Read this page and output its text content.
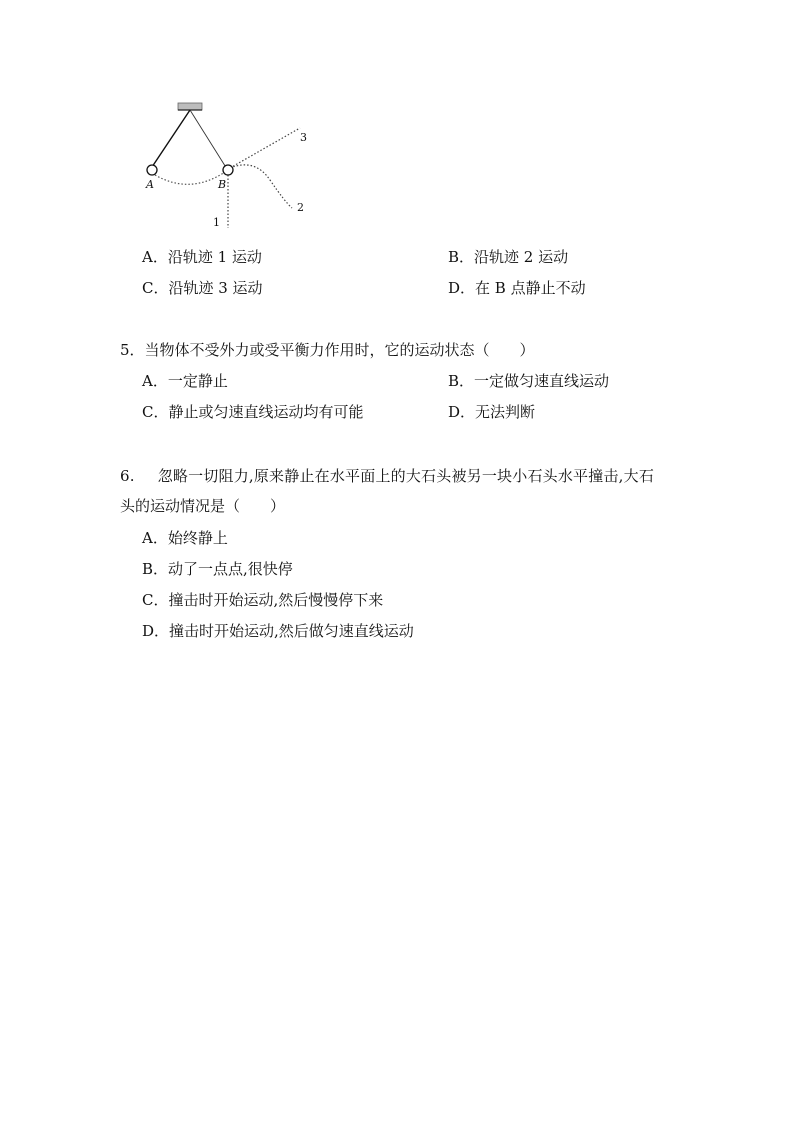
A	B
1
2
3
A．沿轨迹 1 运动	B．沿轨迹 2 运动
C．沿轨迹 3 运动	D．在 B 点静止不动
5．当物体不受外力或受平衡力作用时，它的运动状态（　　）
A．一定静止	B．一定做匀速直线运动
C．静止或匀速直线运动均有可能	D．无法判断
6. 忽略一切阻力,原来静止在水平面上的大石头被另一块小石头水平撞击,大石
头的运动情况是（　　）
A．始终静上
B．动了一点点,很快停
C．撞击时开始运动,然后慢慢停下来
D．撞击时开始运动,然后做匀速直线运动
